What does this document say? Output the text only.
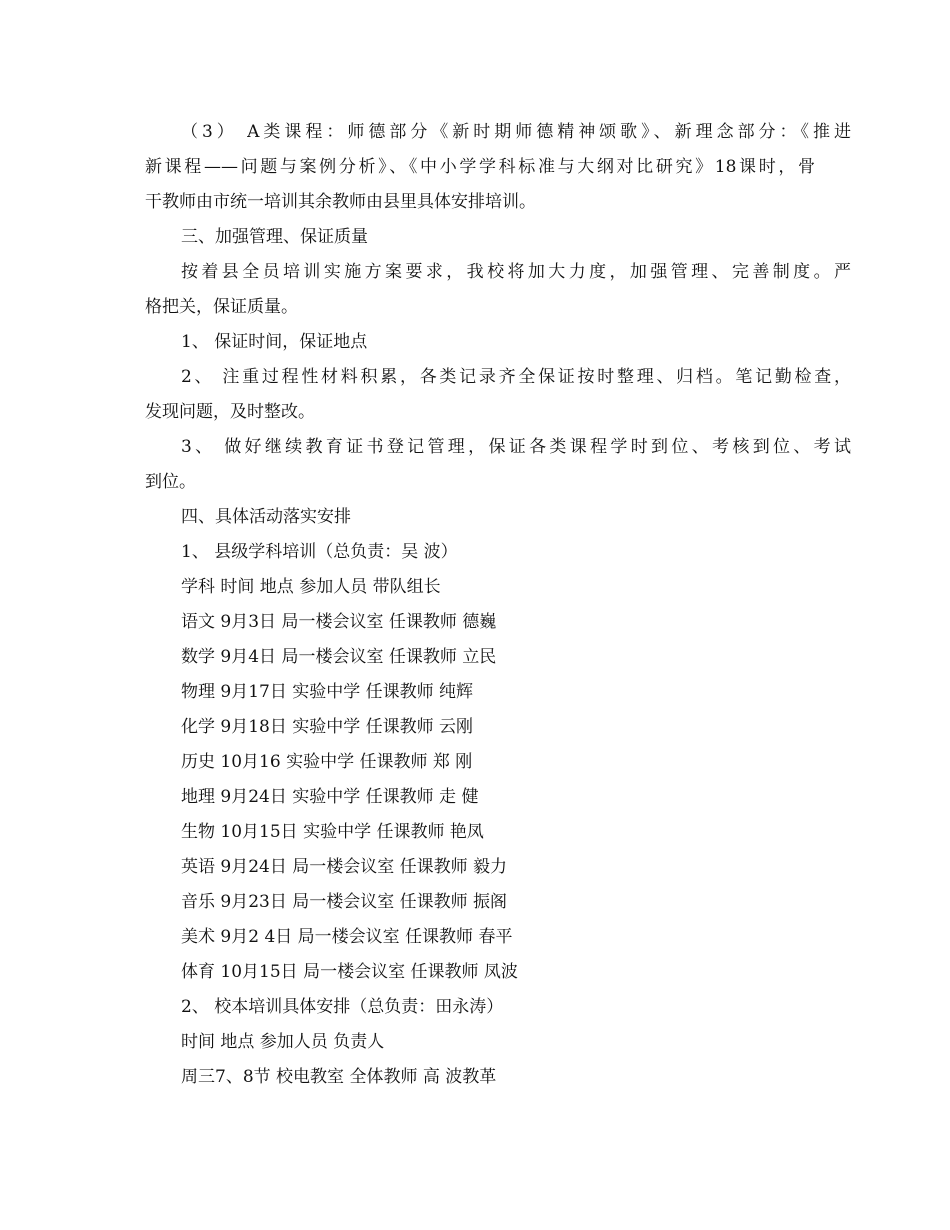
（3） A类课程：师德部分《新时期师德精神颂歌》、新理念部分：《推进
新课程——问题与案例分析》、《中小学学科标准与大纲对比研究》18课时，骨
干教师由市统一培训其余教师由县里具体安排培训。
三、加强管理、保证质量
按着县全员培训实施方案要求，我校将加大力度，加强管理、完善制度。严
格把关，保证质量。
1、 保证时间，保证地点
2、 注重过程性材料积累，各类记录齐全保证按时整理、归档。笔记勤检查，
发现问题，及时整改。
3、 做好继续教育证书登记管理，保证各类课程学时到位、考核到位、考试
到位。
四、具体活动落实安排
1、 县级学科培训（总负责：吴 波）
学科 时间 地点 参加人员 带队组长
语文 9月3日 局一楼会议室 任课教师 德巍
数学 9月4日 局一楼会议室 任课教师 立民
物理 9月17日 实验中学 任课教师 纯辉
化学 9月18日 实验中学 任课教师 云刚
历史 10月16 实验中学 任课教师 郑 刚
地理 9月24日 实验中学 任课教师 走 健
生物 10月15日 实验中学 任课教师 艳凤
英语 9月24日 局一楼会议室 任课教师 毅力
音乐 9月23日 局一楼会议室 任课教师 振阁
美术 9月2 4日 局一楼会议室 任课教师 春平
体育 10月15日 局一楼会议室 任课教师 凤波
2、 校本培训具体安排（总负责：田永涛）
时间 地点 参加人员 负责人
周三7、8节 校电教室 全体教师 高 波教革
